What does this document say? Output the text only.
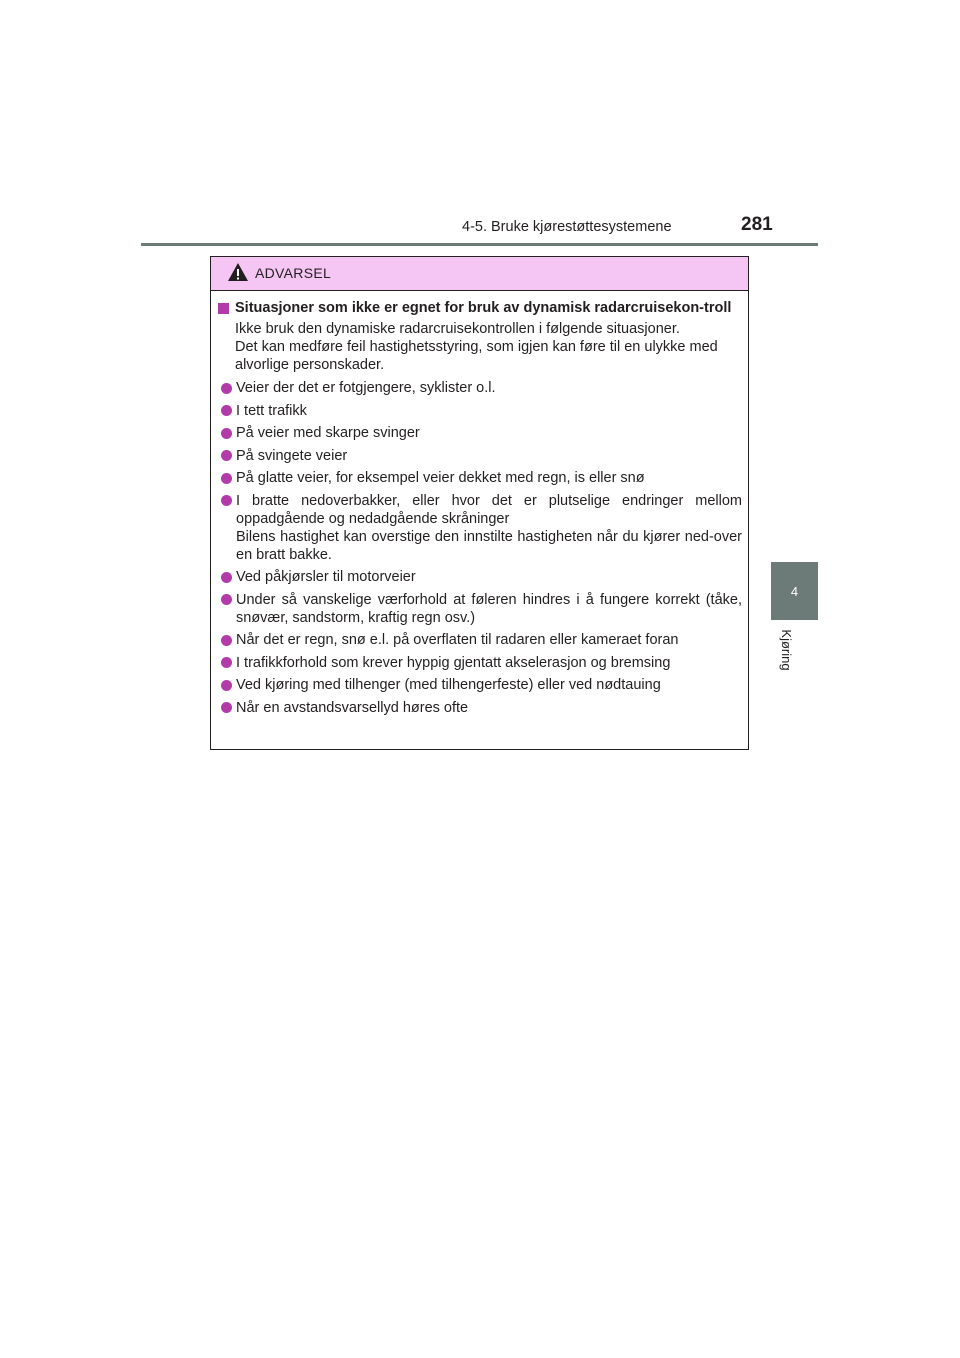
4-5. Bruke kjørestøttesystemene	281
4
Kjøring
ADVARSEL
Situasjoner som ikke er egnet for bruk av dynamisk radarcruisekon-troll
Ikke bruk den dynamiske radarcruisekontrollen i følgende situasjoner.
Det kan medføre feil hastighetsstyring, som igjen kan føre til en ulykke med alvorlige personskader.
Veier der det er fotgjengere, syklister o.l.
I tett trafikk
På veier med skarpe svinger
På svingete veier
På glatte veier, for eksempel veier dekket med regn, is eller snø
I bratte nedoverbakker, eller hvor det er plutselige endringer mellom oppadgående og nedadgående skråninger
Bilens hastighet kan overstige den innstilte hastigheten når du kjører ned-over en bratt bakke.
Ved påkjørsler til motorveier
Under så vanskelige værforhold at føleren hindres i å fungere korrekt (tåke, snøvær, sandstorm, kraftig regn osv.)
Når det er regn, snø e.l. på overflaten til radaren eller kameraet foran
I trafikkforhold som krever hyppig gjentatt akselerasjon og bremsing
Ved kjøring med tilhenger (med tilhengerfeste) eller ved nødtauing
Når en avstandsvarsellyd høres ofte
